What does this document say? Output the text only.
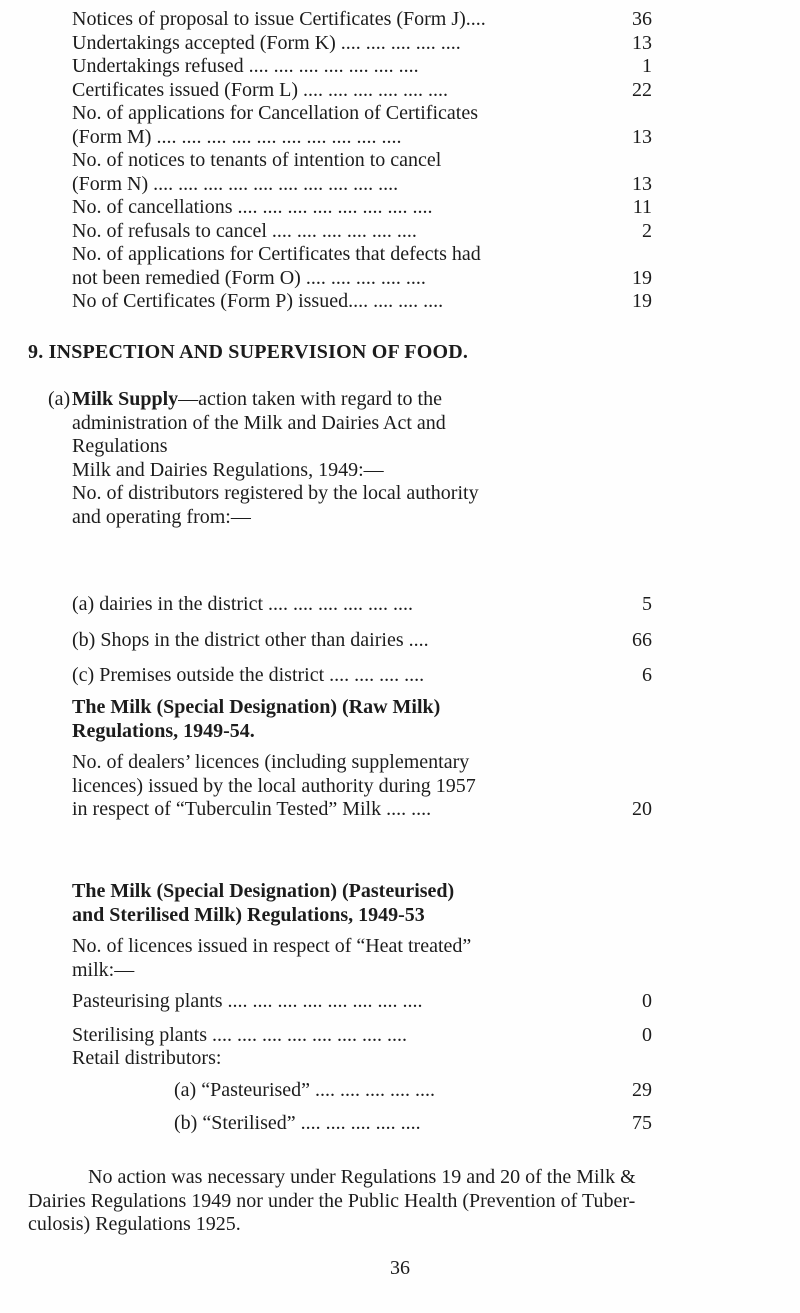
Notices of proposal to issue Certificates (Form J)....	36
Undertakings accepted (Form K) .... .... .... .... ....	13
Undertakings refused .... .... .... .... .... .... ....	1
Certificates issued (Form L) .... .... .... .... .... ....	22
No. of applications for Cancellation of Certificates
(Form M) .... .... .... .... .... .... .... .... .... ....	13
No. of notices to tenants of intention to cancel
(Form N) .... .... .... .... .... .... .... .... .... ....	13
No. of cancellations .... .... .... .... .... .... .... ....	11
No. of refusals to cancel .... .... .... .... .... ....	2
No. of applications for Certificates that defects had
not been remedied (Form O) .... .... .... .... ....	19
No of Certificates (Form P) issued.... .... .... ....	19
9. INSPECTION AND SUPERVISION OF FOOD.
(a) Milk Supply—action taken with regard to the
administration of the Milk and Dairies Act and
Regulations
Milk and Dairies Regulations, 1949:—
No. of distributors registered by the local authority
and operating from:—
(a) dairies in the district .... .... .... .... .... ....	5
(b) Shops in the district other than dairies ....	66
(c) Premises outside the district .... .... .... ....	6
The Milk (Special Designation) (Raw Milk)
Regulations, 1949-54.
No. of dealers’ licences (including supplementary
licences) issued by the local authority during 1957
in respect of “Tuberculin Tested” Milk .... ....	20
The Milk (Special Designation) (Pasteurised)
and Sterilised Milk) Regulations, 1949-53
No. of licences issued in respect of “Heat treated”
milk:—
Pasteurising plants .... .... .... .... .... .... .... ....	0
Sterilising plants .... .... .... .... .... .... .... ....	0
Retail distributors:
(a) “Pasteurised” .... .... .... .... ....	29
(b) “Sterilised” .... .... .... .... ....	75
No action was necessary under Regulations 19 and 20 of the Milk &
Dairies Regulations 1949 nor under the Public Health (Prevention of Tuber-
culosis) Regulations 1925.
36
